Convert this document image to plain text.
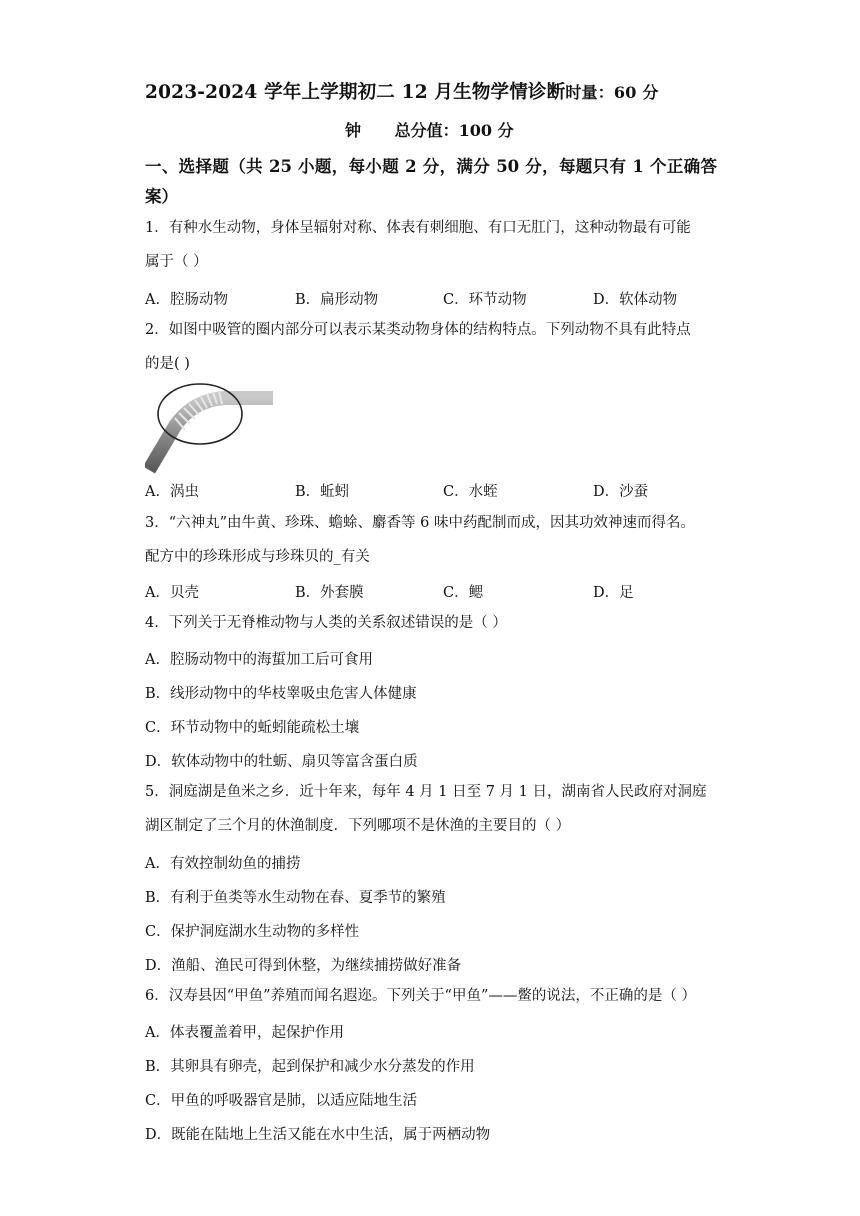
2023-2024 学年上学期初二 12 月生物学情诊断时量：60 分
钟 总分值：100 分
一、选择题（共 25 小题，每小题 2 分，满分 50 分，每题只有 1 个正确答案）
1．有种水生动物，身体呈辐射对称、体表有刺细胞、有口无肛门，这种动物最有可能
属于（ ）
A．腔肠动物	B．扁形动物	C．环节动物	D．软体动物
2．如图中吸管的圈内部分可以表示某类动物身体的结构特点。下列动物不具有此特点
的是( )
A．涡虫	B．蚯蚓	C．水蛭	D．沙蚕
3．“六神丸”由牛黄、珍珠、蟾蜍、麝香等 6 味中药配制而成，因其功效神速而得名。
配方中的珍珠形成与珍珠贝的_有关
A．贝壳	B．外套膜	C．鳃	D．足
4．下列关于无脊椎动物与人类的关系叙述错误的是（ ）
A．腔肠动物中的海蜇加工后可食用
B．线形动物中的华枝睾吸虫危害人体健康
C．环节动物中的蚯蚓能疏松土壤
D．软体动物中的牡蛎、扇贝等富含蛋白质
5．洞庭湖是鱼米之乡．近十年来，每年 4 月 1 日至 7 月 1 日，湖南省人民政府对洞庭
湖区制定了三个月的休渔制度．下列哪项不是休渔的主要目的（ ）
A．有效控制幼鱼的捕捞
B．有利于鱼类等水生动物在春、夏季节的繁殖
C．保护洞庭湖水生动物的多样性
D．渔船、渔民可得到休整，为继续捕捞做好准备
6．汉寿县因“甲鱼”养殖而闻名遐迩。下列关于“甲鱼”——鳖的说法，不正确的是（ ）
A．体表覆盖着甲，起保护作用
B．其卵具有卵壳，起到保护和减少水分蒸发的作用
C．甲鱼的呼吸器官是肺，以适应陆地生活
D．既能在陆地上生活又能在水中生活，属于两栖动物
